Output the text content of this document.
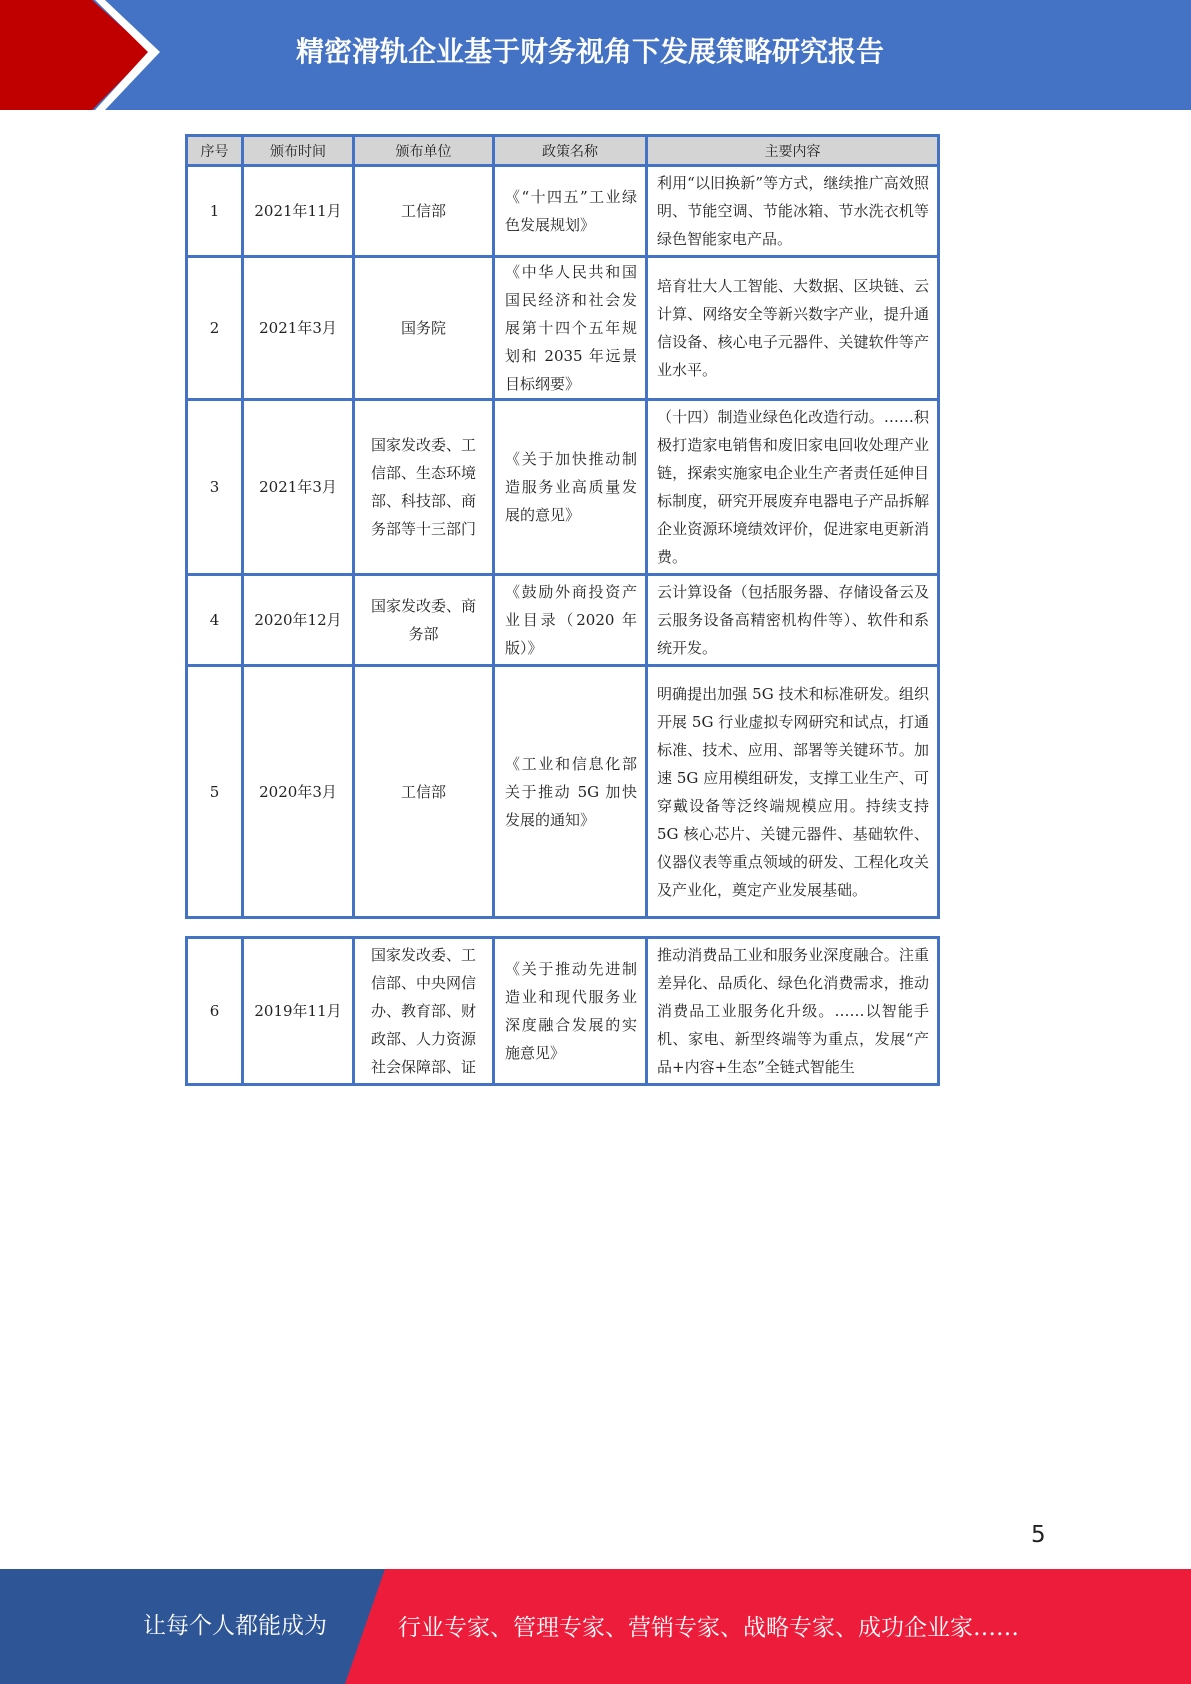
精密滑轨企业基于财务视角下发展策略研究报告
序号	颁布时间	颁布单位	政策名称	主要内容
1	2021年11月	工信部	《“十四五”工业绿色发展规划》	利用“以旧换新”等方式，继续推广高效照明、节能空调、节能冰箱、节水洗衣机等绿色智能家电产品。
2	2021年3月	国务院	《中华人民共和国国民经济和社会发展第十四个五年规划和 2035 年远景目标纲要》	培育壮大人工智能、大数据、区块链、云计算、网络安全等新兴数字产业，提升通信设备、核心电子元器件、关键软件等产业水平。
3	2021年3月	国家发改委、工信部、生态环境部、科技部、商务部等十三部门	《关于加快推动制造服务业高质量发展的意见》	（十四）制造业绿色化改造行动。……积极打造家电销售和废旧家电回收处理产业链，探索实施家电企业生产者责任延伸目标制度，研究开展废弃电器电子产品拆解企业资源环境绩效评价，促进家电更新消费。
4	2020年12月	国家发改委、商务部	《鼓励外商投资产业目录（2020 年版）》	云计算设备（包括服务器、存储设备云及云服务设备高精密机构件等）、软件和系统开发。
5	2020年3月	工信部	《工业和信息化部关于推动 5G 加快发展的通知》	明确提出加强 5G 技术和标准研发。组织开展 5G 行业虚拟专网研究和试点，打通标准、技术、应用、部署等关键环节。加速 5G 应用模组研发，支撑工业生产、可穿戴设备等泛终端规模应用。持续支持 5G 核心芯片、关键元器件、基础软件、仪器仪表等重点领域的研发、工程化攻关及产业化，奠定产业发展基础。
6	2019年11月	国家发改委、工信部、中央网信办、教育部、财政部、人力资源社会保障部、证	《关于推动先进制造业和现代服务业深度融合发展的实施意见》	推动消费品工业和服务业深度融合。注重差异化、品质化、绿色化消费需求，推动消费品工业服务化升级。……以智能手机、家电、新型终端等为重点，发展“产品+内容+生态”全链式智能生
5
让每个人都能成为	行业专家、管理专家、营销专家、战略专家、成功企业家……
